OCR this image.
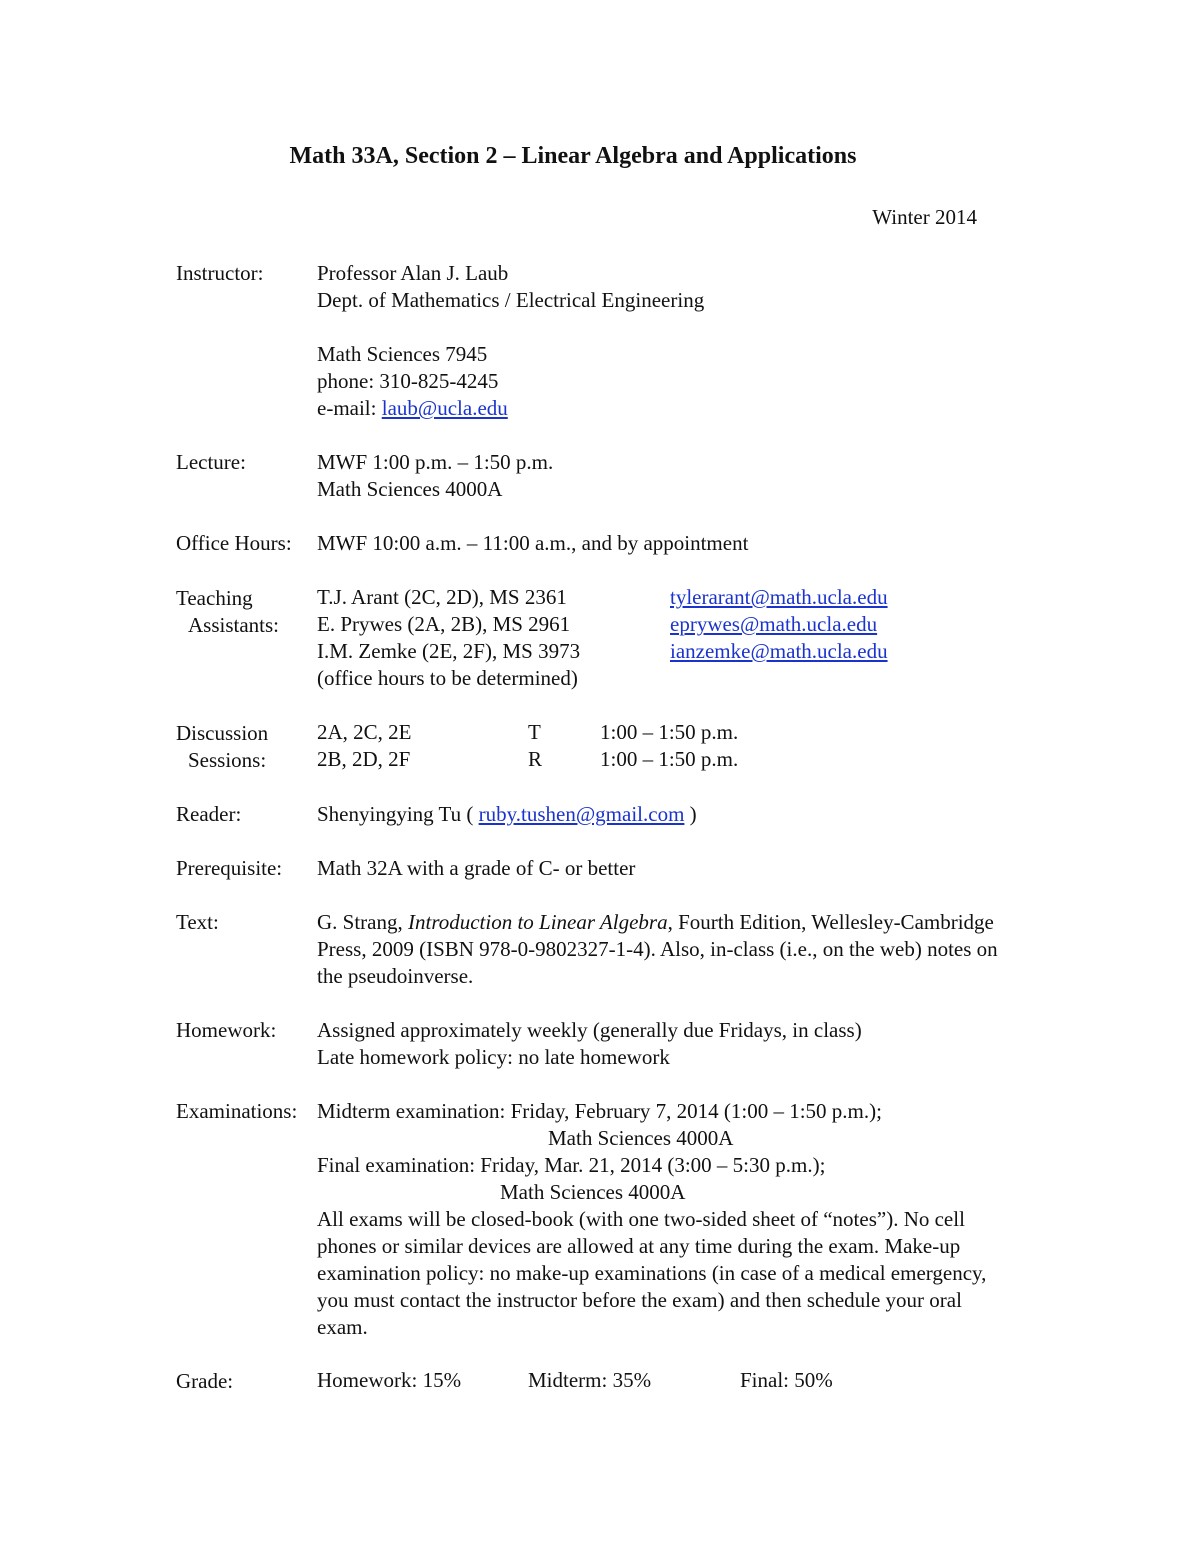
Math 33A, Section 2 – Linear Algebra and Applications
Winter 2014
Instructor:	Professor Alan J. Laub
Dept. of Mathematics / Electrical Engineering
Math Sciences 7945
phone: 310-825-4245
e-mail: laub@ucla.edu
Lecture:	MWF 1:00 p.m. – 1:50 p.m.
Math Sciences 4000A
Office Hours:	MWF 10:00 a.m. – 11:00 a.m., and by appointment
Teaching
Assistants:
T.J. Arant (2C, 2D), MS 2361	tylerarant@math.ucla.edu
E. Prywes (2A, 2B), MS 2961	eprywes@math.ucla.edu
I.M. Zemke (2E, 2F), MS 3973	ianzemke@math.ucla.edu
(office hours to be determined)
Discussion
Sessions:
2A, 2C, 2E	T	1:00 – 1:50 p.m.
2B, 2D, 2F	R	1:00 – 1:50 p.m.
Reader:	Shenyingying Tu ( ruby.tushen@gmail.com )
Prerequisite:	Math 32A with a grade of C- or better
Text:	G. Strang, Introduction to Linear Algebra, Fourth Edition, Wellesley-Cambridge Press, 2009 (ISBN 978-0-9802327-1-4). Also, in-class (i.e., on the web) notes on the pseudoinverse.
Homework:	Assigned approximately weekly (generally due Fridays, in class)
Late homework policy: no late homework
Examinations: Midterm examination: Friday, February 7, 2014 (1:00 – 1:50 p.m.);
Math Sciences 4000A
Final examination: Friday, Mar. 21, 2014 (3:00 – 5:30 p.m.);
Math Sciences 4000A
All exams will be closed-book (with one two-sided sheet of “notes”). No cell phones or similar devices are allowed at any time during the exam. Make-up examination policy: no make-up examinations (in case of a medical emergency, you must contact the instructor before the exam) and then schedule your oral exam.
Grade:	Homework: 15%	Midterm: 35%	Final: 50%
